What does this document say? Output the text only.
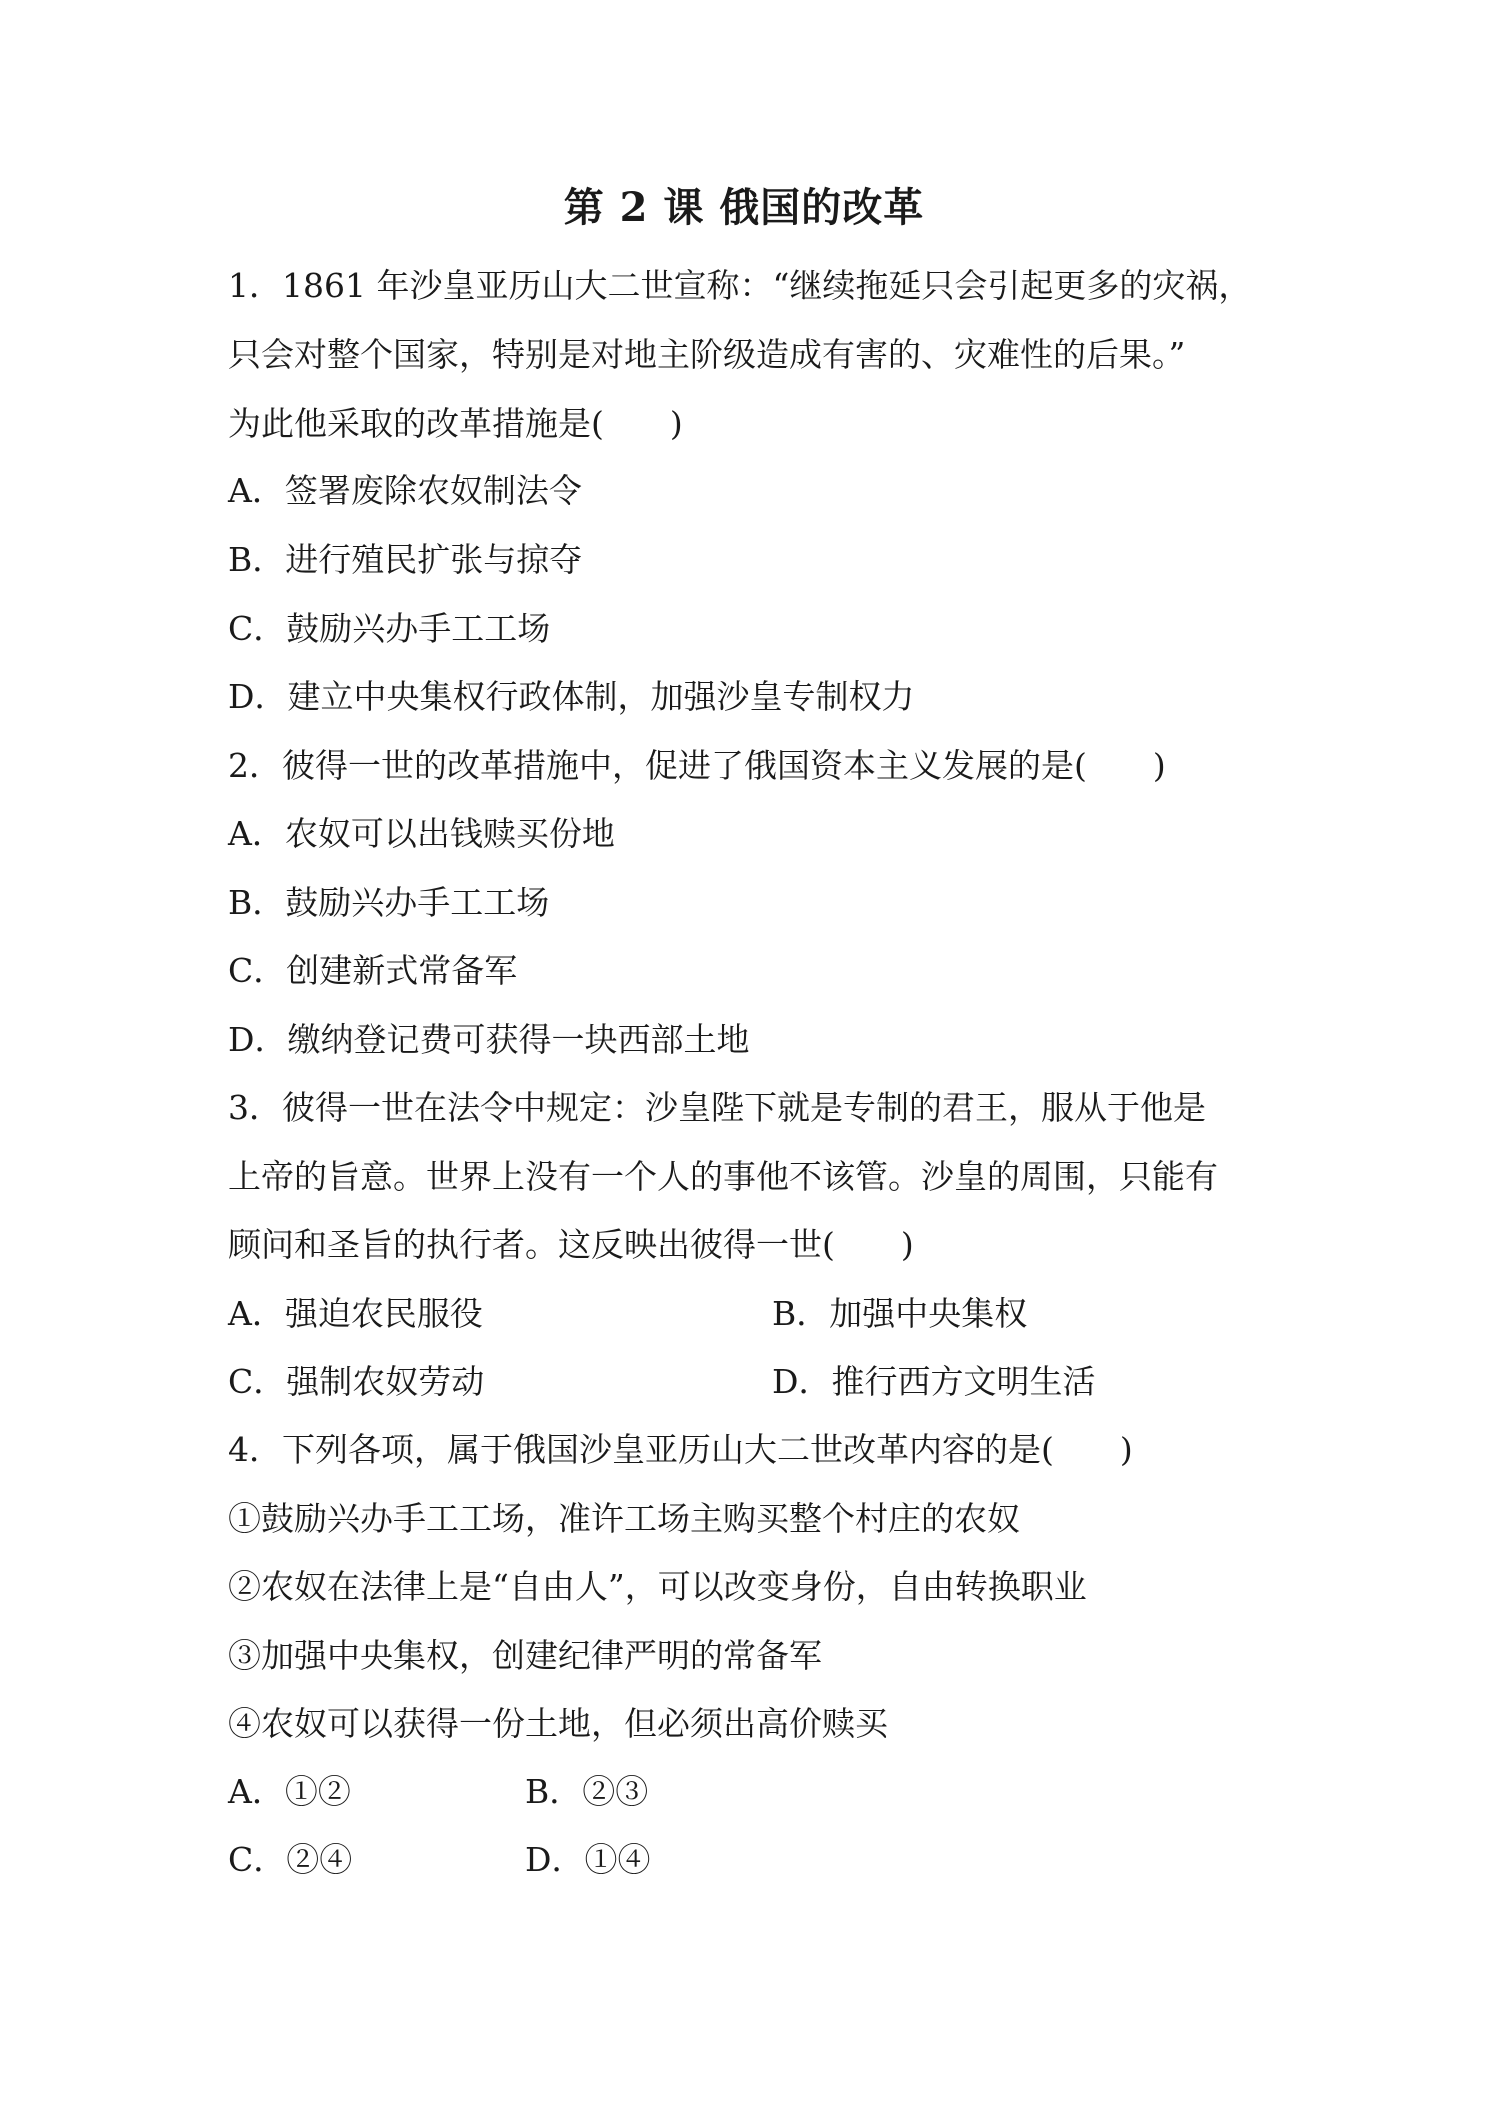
第 2 课 俄国的改革
1．1861 年沙皇亚历山大二世宣称：“继续拖延只会引起更多的灾祸，
只会对整个国家，特别是对地主阶级造成有害的、灾难性的后果。”
为此他采取的改革措施是(　　)
A．签署废除农奴制法令
B．进行殖民扩张与掠夺
C．鼓励兴办手工工场
D．建立中央集权行政体制，加强沙皇专制权力
2．彼得一世的改革措施中，促进了俄国资本主义发展的是(　　)
A．农奴可以出钱赎买份地
B．鼓励兴办手工工场
C．创建新式常备军
D．缴纳登记费可获得一块西部土地
3．彼得一世在法令中规定：沙皇陛下就是专制的君王，服从于他是
上帝的旨意。世界上没有一个人的事他不该管。沙皇的周围，只能有
顾问和圣旨的执行者。这反映出彼得一世(　　)
A．强迫农民服役	B．加强中央集权
C．强制农奴劳动	D．推行西方文明生活
4．下列各项，属于俄国沙皇亚历山大二世改革内容的是(　　)
①鼓励兴办手工工场，准许工场主购买整个村庄的农奴
②农奴在法律上是“自由人”，可以改变身份，自由转换职业
③加强中央集权，创建纪律严明的常备军
④农奴可以获得一份土地，但必须出高价赎买
A．①②	B．②③
C．②④	D．①④
